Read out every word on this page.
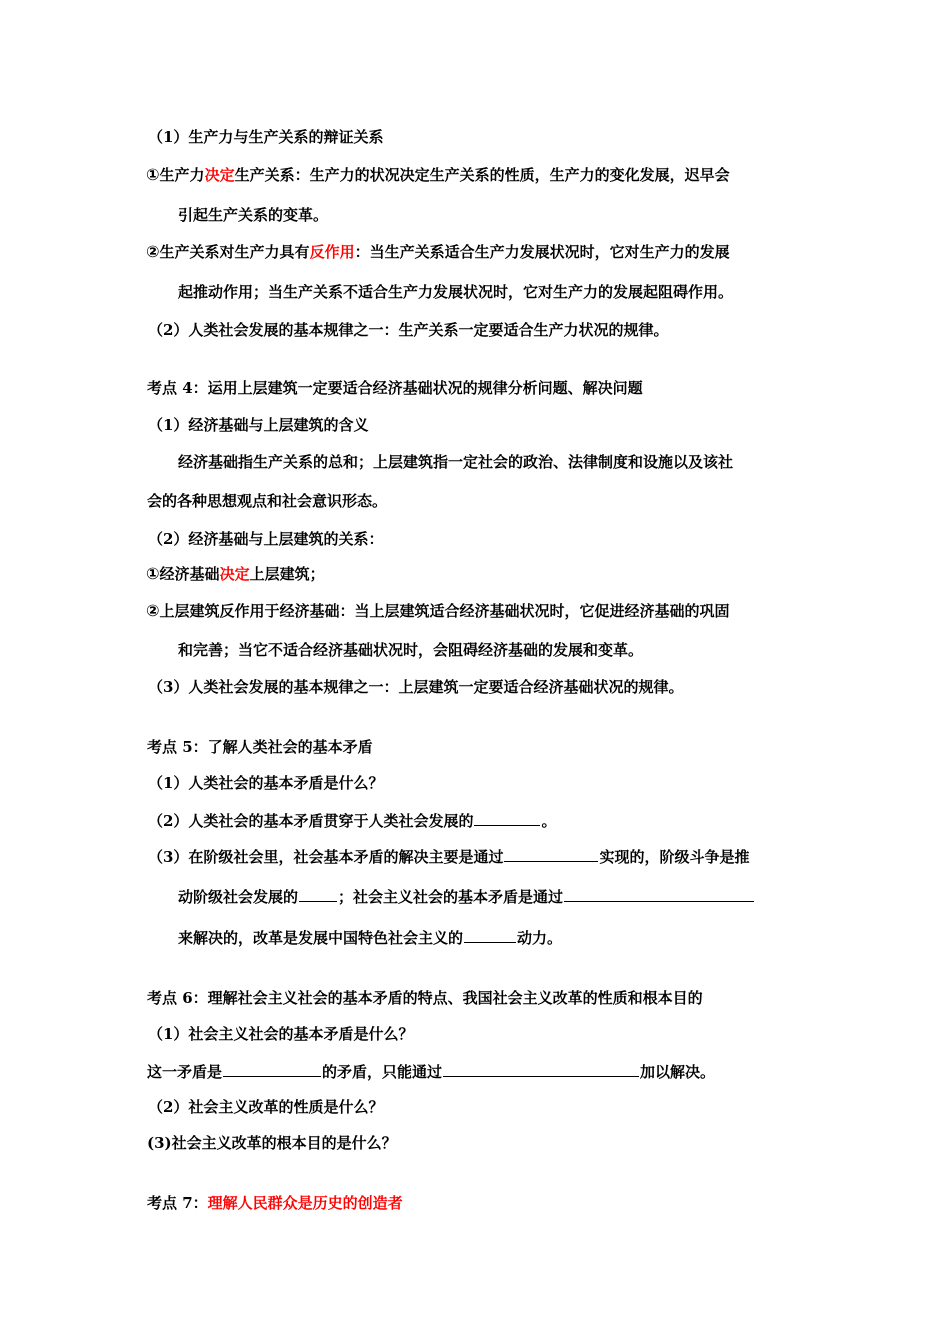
（1）生产力与生产关系的辩证关系
①生产力决定生产关系：生产力的状况决定生产关系的性质，生产力的变化发展，迟早会
引起生产关系的变革。
②生产关系对生产力具有反作用：当生产关系适合生产力发展状况时，它对生产力的发展
起推动作用；当生产关系不适合生产力发展状况时，它对生产力的发展起阻碍作用。
（2）人类社会发展的基本规律之一：生产关系一定要适合生产力状况的规律。
考点 4：运用上层建筑一定要适合经济基础状况的规律分析问题、解决问题
（1）经济基础与上层建筑的含义
经济基础指生产关系的总和；上层建筑指一定社会的政治、法律制度和设施以及该社
会的各种思想观点和社会意识形态。
（2）经济基础与上层建筑的关系：
①经济基础决定上层建筑；
②上层建筑反作用于经济基础：当上层建筑适合经济基础状况时，它促进经济基础的巩固
和完善；当它不适合经济基础状况时，会阻碍经济基础的发展和变革。
（3）人类社会发展的基本规律之一：上层建筑一定要适合经济基础状况的规律。
考点 5：了解人类社会的基本矛盾
（1）人类社会的基本矛盾是什么？
（2）人类社会的基本矛盾贯穿于人类社会发展的	。
（3）在阶级社会里，社会基本矛盾的解决主要是通过	实现的，阶级斗争是推
动阶级社会发展的	；社会主义社会的基本矛盾是通过
来解决的，改革是发展中国特色社会主义的	动力。
考点 6：理解社会主义社会的基本矛盾的特点、我国社会主义改革的性质和根本目的
（1）社会主义社会的基本矛盾是什么？
这一矛盾是	的矛盾，只能通过	加以解决。
（2）社会主义改革的性质是什么？
(3)社会主义改革的根本目的是什么？
考点 7：理解人民群众是历史的创造者
